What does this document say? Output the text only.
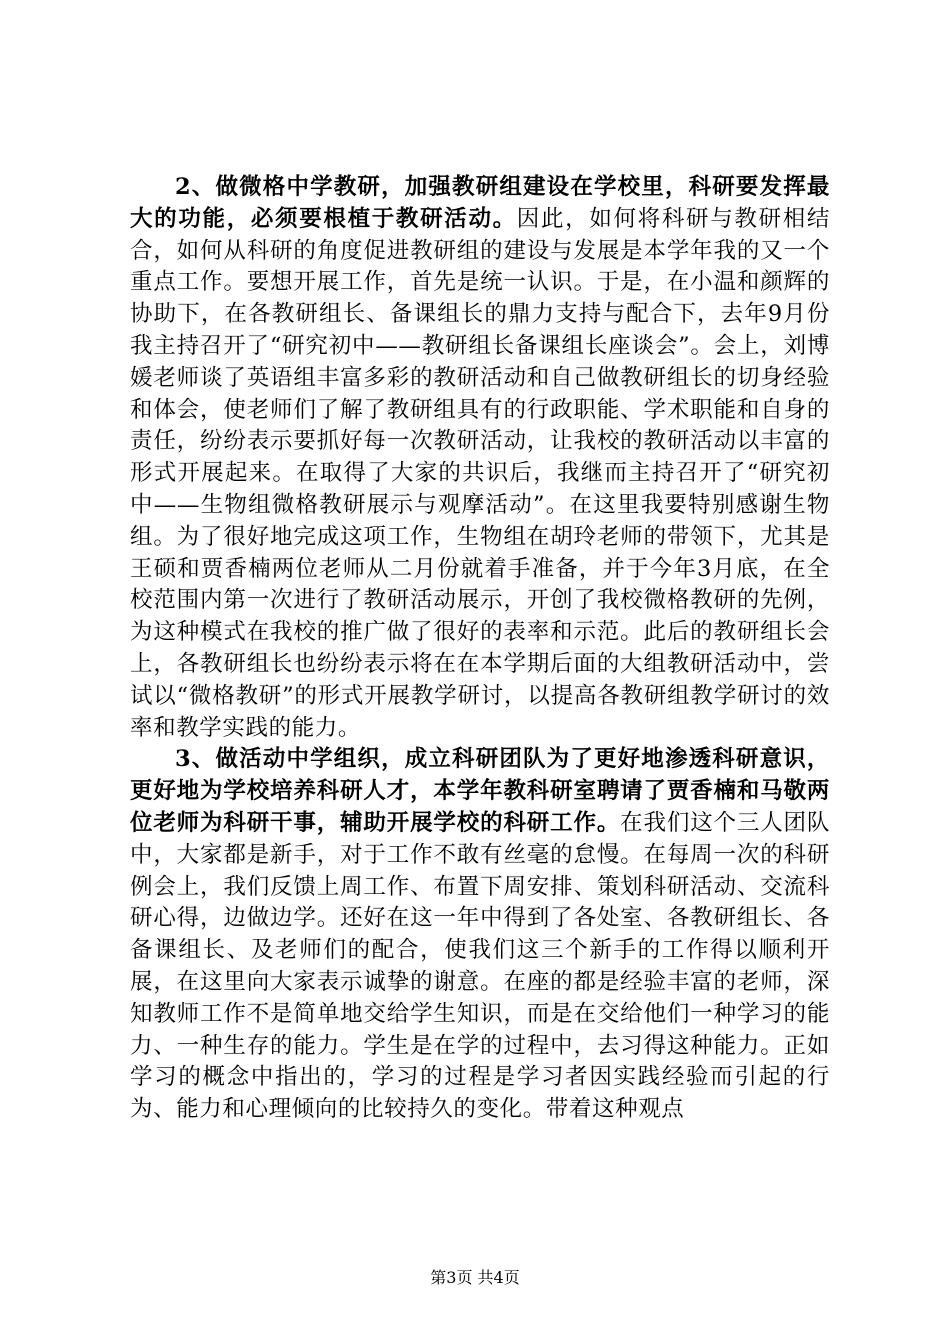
2、做微格中学教研，加强教研组建设在学校里，科研要发挥最大的功能，必须要根植于教研活动。因此，如何将科研与教研相结合，如何从科研的角度促进教研组的建设与发展是本学年我的又一个重点工作。要想开展工作，首先是统一认识。于是，在小温和颜辉的协助下，在各教研组长、备课组长的鼎力支持与配合下，去年9月份我主持召开了“研究初中——教研组长备课组长座谈会”。会上，刘博媛老师谈了英语组丰富多彩的教研活动和自己做教研组长的切身经验和体会，使老师们了解了教研组具有的行政职能、学术职能和自身的责任，纷纷表示要抓好每一次教研活动，让我校的教研活动以丰富的形式开展起来。在取得了大家的共识后，我继而主持召开了“研究初中——生物组微格教研展示与观摩活动”。在这里我要特别感谢生物组。为了很好地完成这项工作，生物组在胡玲老师的带领下，尤其是王硕和贾香楠两位老师从二月份就着手准备，并于今年3月底，在全校范围内第一次进行了教研活动展示，开创了我校微格教研的先例，为这种模式在我校的推广做了很好的表率和示范。此后的教研组长会上，各教研组长也纷纷表示将在在本学期后面的大组教研活动中，尝试以“微格教研”的形式开展教学研讨，以提高各教研组教学研讨的效率和教学实践的能力。

3、做活动中学组织，成立科研团队为了更好地渗透科研意识，更好地为学校培养科研人才，本学年教科研室聘请了贾香楠和马敬两位老师为科研干事，辅助开展学校的科研工作。在我们这个三人团队中，大家都是新手，对于工作不敢有丝毫的怠慢。在每周一次的科研例会上，我们反馈上周工作、布置下周安排、策划科研活动、交流科研心得，边做边学。还好在这一年中得到了各处室、各教研组长、各备课组长、及老师们的配合，使我们这三个新手的工作得以顺利开展，在这里向大家表示诚挚的谢意。在座的都是经验丰富的老师，深知教师工作不是简单地交给学生知识，而是在交给他们一种学习的能力、一种生存的能力。学生是在学的过程中，去习得这种能力。正如学习的概念中指出的，学习的过程是学习者因实践经验而引起的行为、能力和心理倾向的比较持久的变化。带着这种观点

第3页 共4页
